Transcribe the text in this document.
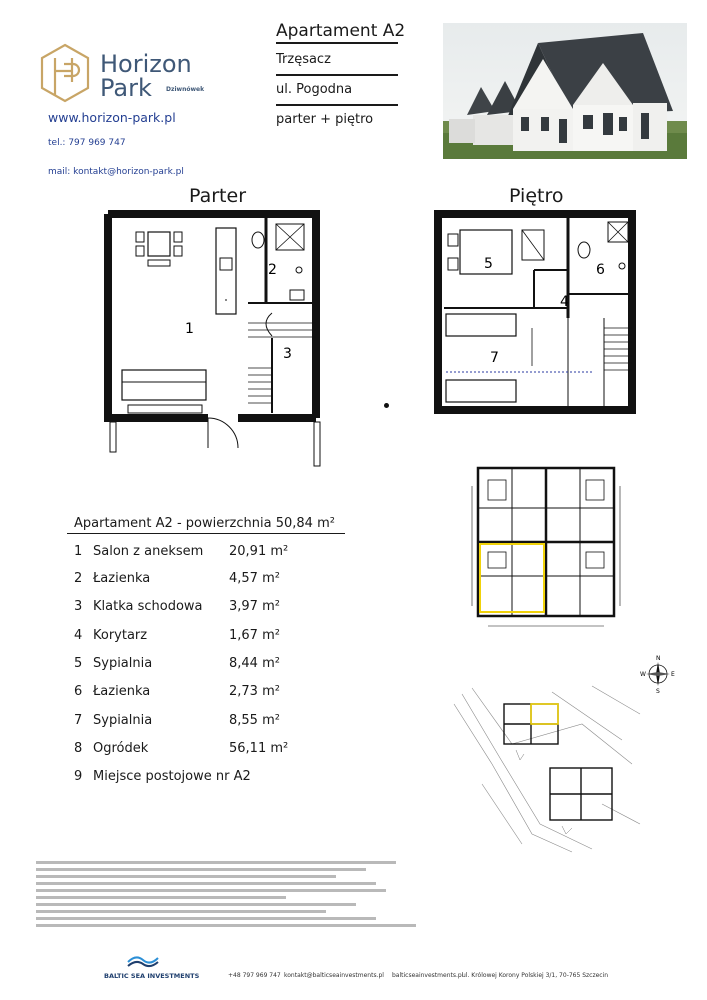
Horizon
Park Dziwnówek
www.horizon-park.pl
tel.: 797 969 747
mail: kontakt@horizon-park.pl
Apartament A2
Trzęsacz
ul. Pogodna
parter + piętro
Parter	Piętro
1
2
3
5	6
4
7
N
E
S
W
Apartament A2 - powierzchnia 50,84 m²
1 Salon z aneksem 20,91 m²
2 Łazienka	4,57 m²
3 Klatka schodowa 3,97 m²
4 Korytarz	1,67 m²
5 Sypialnia	8,44 m²
6 Łazienka	2,73 m²
7 Sypialnia	8,55 m²
8 Ogródek	56,11 m²
9 Miejsce postojowe nr A2
BALTIC SEA INVESTMENTS	+48 797 969 747 kontakt@balticseainvestments.pl balticseainvestments.pl
ul. Królowej Korony Polskiej 3/1, 70-765 Szczecin
